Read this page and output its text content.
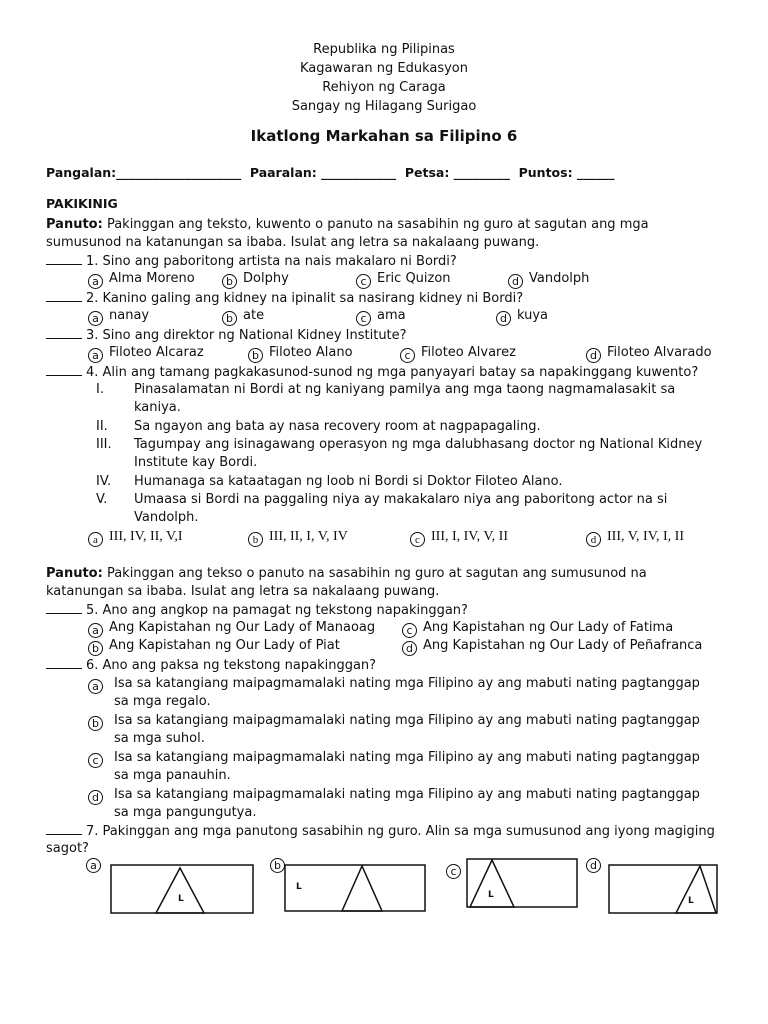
Republika ng Pilipinas
Kagawaran ng Edukasyon
Rehiyon ng Caraga
Sangay ng Hilagang Surigao
Ikatlong Markahan sa Filipino 6
Pangalan:____________________  Paaralan: ____________  Petsa: _________  Puntos: ______
PAKIKINIG
Panuto: Pakinggan ang teksto, kuwento o panuto na sasabihin ng guro at sagutan ang mga
sumusunod na katanungan sa ibaba. Isulat ang letra sa nakalaang puwang.
1. Sino ang paboritong artista na nais makalaro ni Bordi?
a Alma Moreno	b Dolphy	c Eric Quizon	d Vandolph
2. Kanino galing ang kidney na ipinalit sa nasirang kidney ni Bordi?
a nanay	b ate	c ama	d kuya
3. Sino ang direktor ng National Kidney Institute?
a Filoteo Alcaraz	b Filoteo Alano	c Filoteo Alvarez	d Filoteo Alvarado
4. Alin ang tamang pagkakasunod-sunod ng mga panyayari batay sa napakinggang kuwento?
I.	Pinasalamatan ni Bordi at ng kaniyang pamilya ang mga taong nagmamalasakit sa
kaniya.
II.	Sa ngayon ang bata ay nasa recovery room at nagpapagaling.
III.	Tagumpay ang isinagawang operasyon ng mga dalubhasang doctor ng National Kidney
Institute kay Bordi.
IV.	Humanaga sa kataatagan ng loob ni Bordi si Doktor Filoteo Alano.
V.	Umaasa si Bordi na paggaling niya ay makakalaro niya ang paboritong actor na si
Vandolph.
a III, IV, II, V,I	b III, II, I, V, IV	c III, I, IV, V, II	d III, V, IV, I, II
Panuto: Pakinggan ang tekso o panuto na sasabihin ng guro at sagutan ang sumusunod na
katanungan sa ibaba. Isulat ang letra sa nakalaang puwang.
5. Ano ang angkop na pamagat ng tekstong napakinggan?
a Ang Kapistahan ng Our Lady of Manaoag	c Ang Kapistahan ng Our Lady of Fatima
b Ang Kapistahan ng Our Lady of Piat	d Ang Kapistahan ng Our Lady of Peñafranca
6. Ano ang paksa ng tekstong napakinggan?
a Isa sa katangiang maipagmamalaki nating mga Filipino ay ang mabuti nating pagtanggap
sa mga regalo.
b Isa sa katangiang maipagmamalaki nating mga Filipino ay ang mabuti nating pagtanggap
sa mga suhol.
c Isa sa katangiang maipagmamalaki nating mga Filipino ay ang mabuti nating pagtanggap
sa mga panauhin.
d Isa sa katangiang maipagmamalaki nating mga Filipino ay ang mabuti nating pagtanggap
sa mga pangungutya.
7. Pakinggan ang mga panutong sasabihin ng guro. Alin sa mga sumusunod ang iyong magiging
sagot?
a
L
b
L
c
L
d
L
